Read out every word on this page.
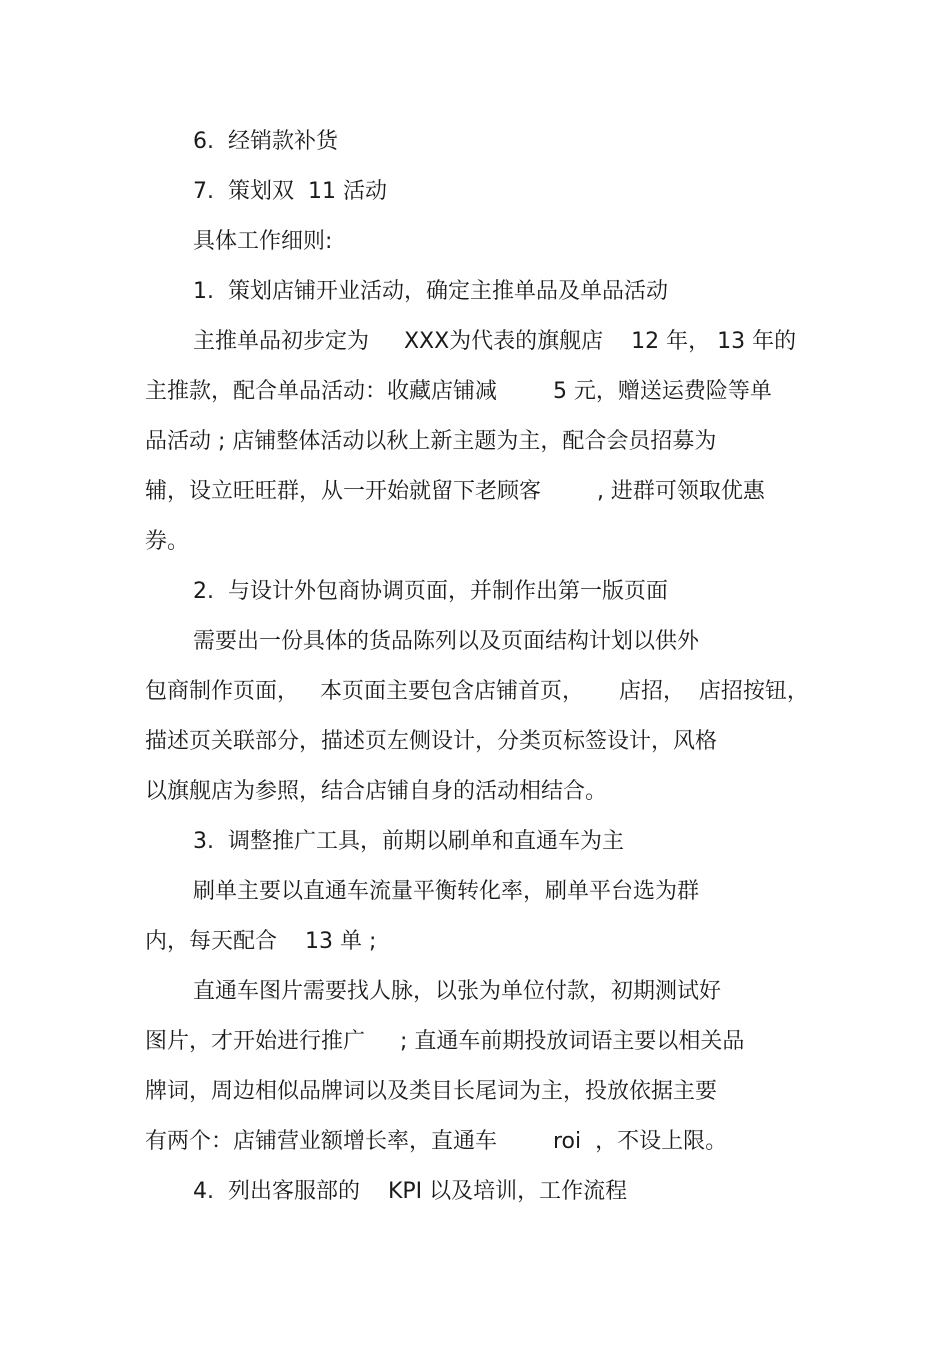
6.  经销款补货
7.  策划双  11 活动
具体工作细则:
1.  策划店铺开业活动，确定主推单品及单品活动
主推单品初步定为     XXX为代表的旗舰店    12 年， 13 年的
主推款，配合单品活动：收藏店铺减        5 元，赠送运费险等单
品活动 ; 店铺整体活动以秋上新主题为主，配合会员招募为
辅，设立旺旺群，从一开始就留下老顾客        , 进群可领取优惠
券。
2.  与设计外包商协调页面，并制作出第一版页面
需要出一份具体的货品陈列以及页面结构计划以供外
包商制作页面，   本页面主要包含店铺首页，     店招，  店招按钮，
描述页关联部分，描述页左侧设计，分类页标签设计，风格
以旗舰店为参照，结合店铺自身的活动相结合。
3.  调整推广工具，前期以刷单和直通车为主
刷单主要以直通车流量平衡转化率，刷单平台选为群
内，每天配合    13 单 ;
直通车图片需要找人脉，以张为单位付款，初期测试好
图片，才开始进行推广     ; 直通车前期投放词语主要以相关品
牌词，周边相似品牌词以及类目长尾词为主，投放依据主要
有两个：店铺营业额增长率，直通车        roi  ，不设上限。
4.  列出客服部的    KPI 以及培训，工作流程
